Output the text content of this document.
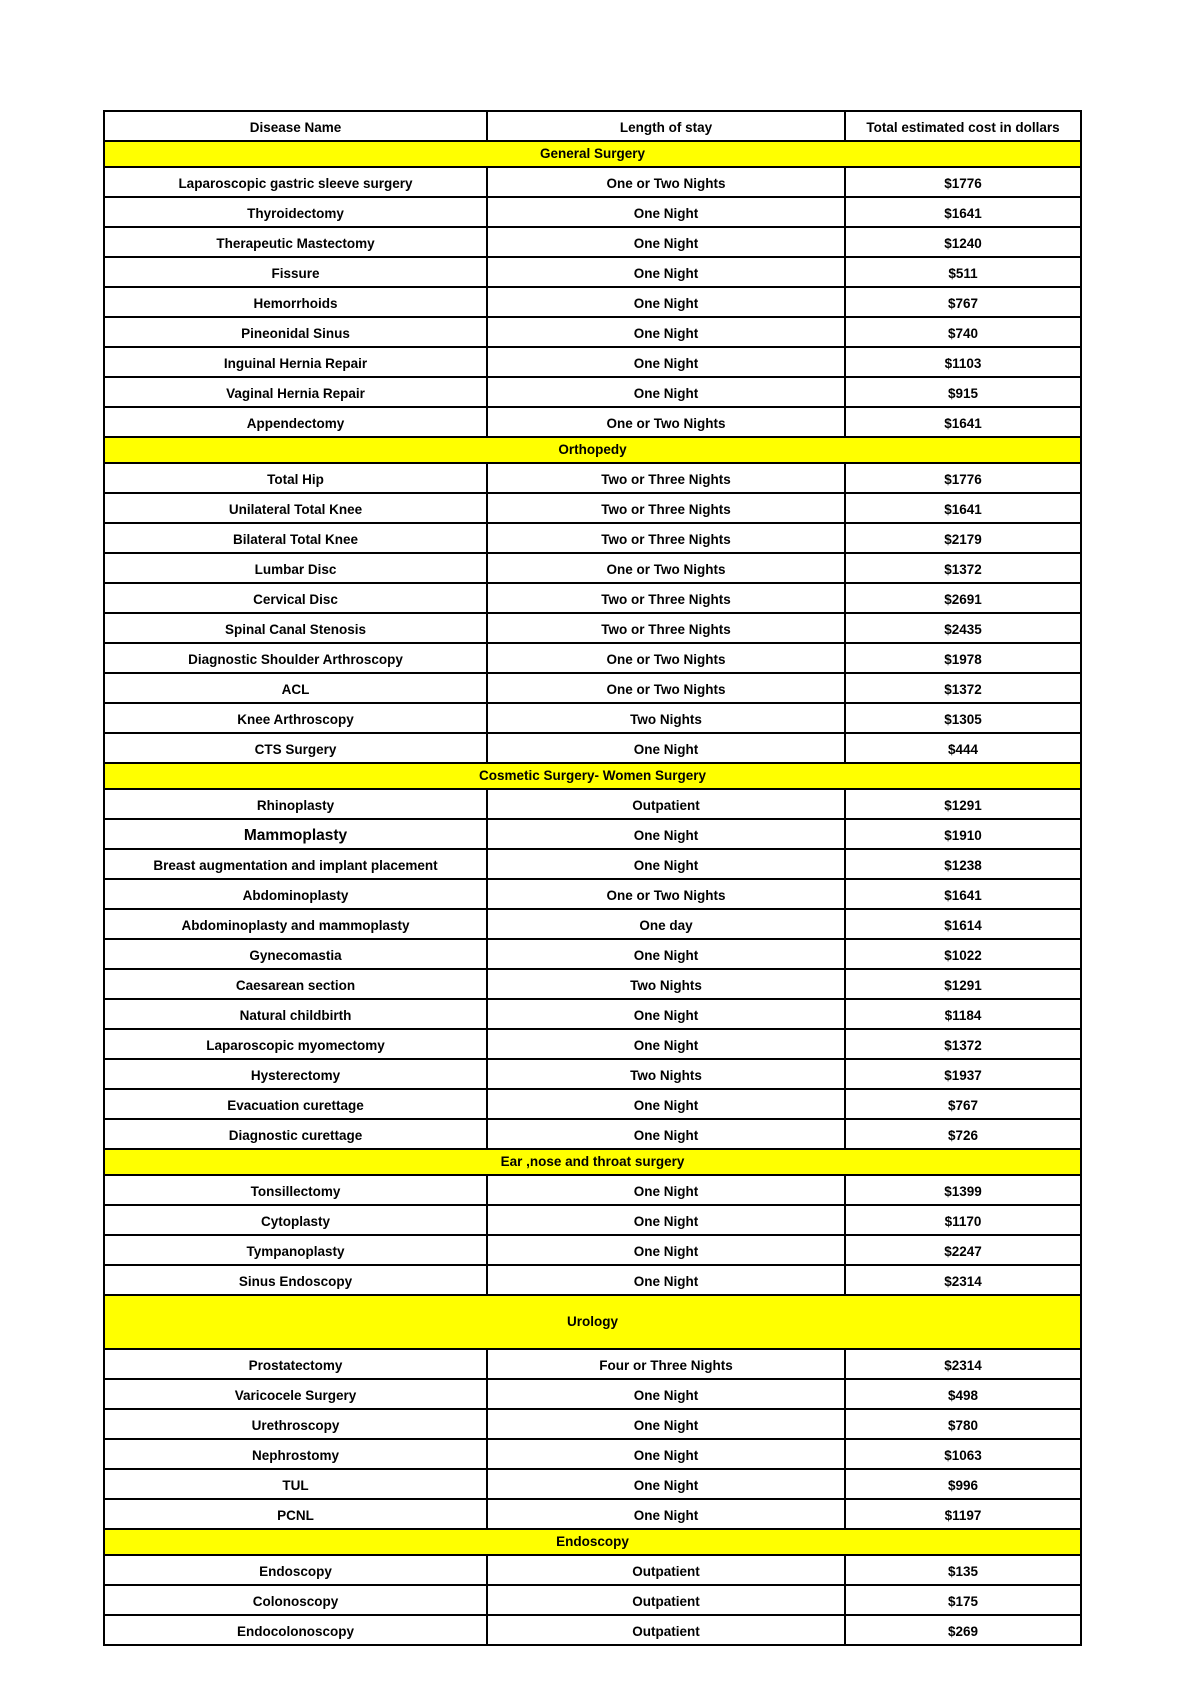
Disease Name	Length of stay	Total estimated cost in dollars
General Surgery		
Laparoscopic gastric sleeve surgery	One or Two Nights	$1776
Thyroidectomy	One Night	$1641
Therapeutic Mastectomy	One Night	$1240
Fissure	One Night	$511
Hemorrhoids	One Night	$767
Pineonidal Sinus	One Night	$740
Inguinal Hernia Repair	One Night	$1103
Vaginal Hernia Repair	One Night	$915
Appendectomy	One or Two Nights	$1641
Orthopedy		
Total Hip	Two or Three Nights	$1776
Unilateral Total Knee	Two or Three Nights	$1641
Bilateral Total Knee	Two or Three Nights	$2179
Lumbar Disc	One or Two Nights	$1372
Cervical Disc	Two or Three Nights	$2691
Spinal Canal Stenosis	Two or Three Nights	$2435
Diagnostic Shoulder Arthroscopy	One or Two Nights	$1978
ACL	One or Two Nights	$1372
Knee Arthroscopy	Two Nights	$1305
CTS Surgery	One Night	$444
Cosmetic Surgery- Women Surgery		
Rhinoplasty	Outpatient	$1291
Mammoplasty	One Night	$1910
Breast augmentation and implant placement	One Night	$1238
Abdominoplasty	One or Two Nights	$1641
Abdominoplasty and mammoplasty	One day	$1614
Gynecomastia	One Night	$1022
Caesarean section	Two Nights	$1291
Natural childbirth	One Night	$1184
Laparoscopic myomectomy	One Night	$1372
Hysterectomy	Two Nights	$1937
Evacuation curettage	One Night	$767
Diagnostic curettage	One Night	$726
Ear ,nose and throat surgery		
Tonsillectomy	One Night	$1399
Cytoplasty	One Night	$1170
Tympanoplasty	One Night	$2247
Sinus Endoscopy	One Night	$2314
Urology		
Prostatectomy	Four or Three Nights	$2314
Varicocele Surgery	One Night	$498
Urethroscopy	One Night	$780
Nephrostomy	One Night	$1063
TUL	One Night	$996
PCNL	One Night	$1197
Endoscopy		
Endoscopy	Outpatient	$135
Colonoscopy	Outpatient	$175
Endocolonoscopy	Outpatient	$269
